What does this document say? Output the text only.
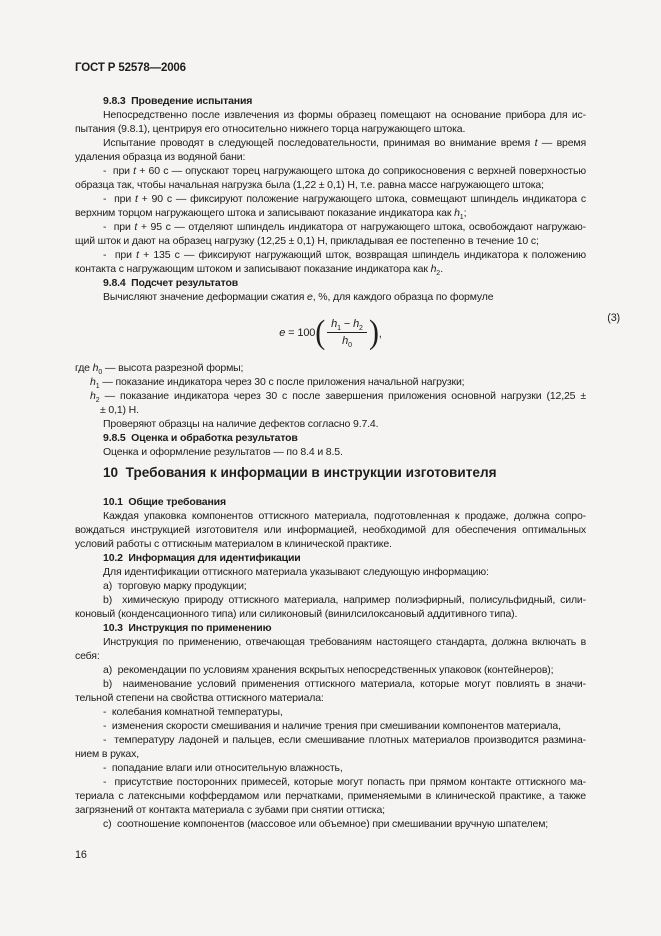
ГОСТ Р 52578—2006
9.8.3  Проведение испытания
Непосредственно после извлечения из формы образец помещают на основание прибора для ис-
пытания (9.8.1), центрируя его относительно нижнего торца нагружающего штока.
Испытание проводят в следующей последовательности, принимая во внимание время t — время
удаления образца из водяной бани:
-  при t + 60 с — опускают торец нагружающего штока до соприкосновения с верхней поверхностью
образца так, чтобы начальная нагрузка была (1,22 ± 0,1) Н, т.е. равна массе нагружающего штока;
-  при t + 90 с — фиксируют положение нагружающего штока, совмещают шпиндель индикатора с
верхним торцом нагружающего штока и записывают показание индикатора как $h_1$;
-  при t + 95 с — отделяют шпиндель индикатора от нагружающего штока, освобождают нагружаю-
щий шток и дают на образец нагрузку (12,25 ± 0,1) Н, прикладывая ее постепенно в течение 10 с;
-  при t + 135 с — фиксируют нагружающий шток, возвращая шпиндель индикатора к положению
контакта с нагружающим штоком и записывают показание индикатора как $h_2$.
9.8.4  Подсчет результатов
Вычисляют значение деформации сжатия e, %, для каждого образца по формуле
e = 100 ( $\frac{h_1 - h_2}{h_0}$ ) ,
(3)
где $h_0$ — высота разрезной формы;
$h_1$ — показание индикатора через 30 с после приложения начальной нагрузки;
$h_2$ — показание индикатора через 30 с после завершения приложения основной нагрузки (12,25 ±
± 0,1) Н.
Проверяют образцы на наличие дефектов согласно 9.7.4.
9.8.5  Оценка и обработка результатов
Оценка и оформление результатов — по 8.4 и 8.5.
10  Требования к информации в инструкции изготовителя
10.1  Общие требования
Каждая упаковка компонентов оттискного материала, подготовленная к продаже, должна сопро-
вождаться инструкцией изготовителя или информацией, необходимой для обеспечения оптимальных
условий работы с оттискным материалом в клинической практике.
10.2  Информация для идентификации
Для идентификации оттискного материала указывают следующую информацию:
a)  торговую марку продукции;
b)  химическую природу оттискного материала, например полиэфирный, полисульфидный, сили-
коновый (конденсационного типа) или силиконовый (винилсилоксановый аддитивного типа).
10.3  Инструкция по применению
Инструкция по применению, отвечающая требованиям настоящего стандарта, должна включать в
себя:
a)  рекомендации по условиям хранения вскрытых непосредственных упаковок (контейнеров);
b)  наименование условий применения оттискного материала, которые могут повлиять в значи-
тельной степени на свойства оттискного материала:
-  колебания комнатной температуры,
-  изменения скорости смешивания и наличие трения при смешивании компонентов материала,
-  температуру ладоней и пальцев, если смешивание плотных материалов производится размина-
нием в руках,
-  попадание влаги или относительную влажность,
-  присутствие посторонних примесей, которые могут попасть при прямом контакте оттискного ма-
териала с латексными коффердамом или перчатками, применяемыми в клинической практике, а также
загрязнений от контакта материала с зубами при снятии оттиска;
c)  соотношение компонентов (массовое или объемное) при смешивании вручную шпателем;
16
